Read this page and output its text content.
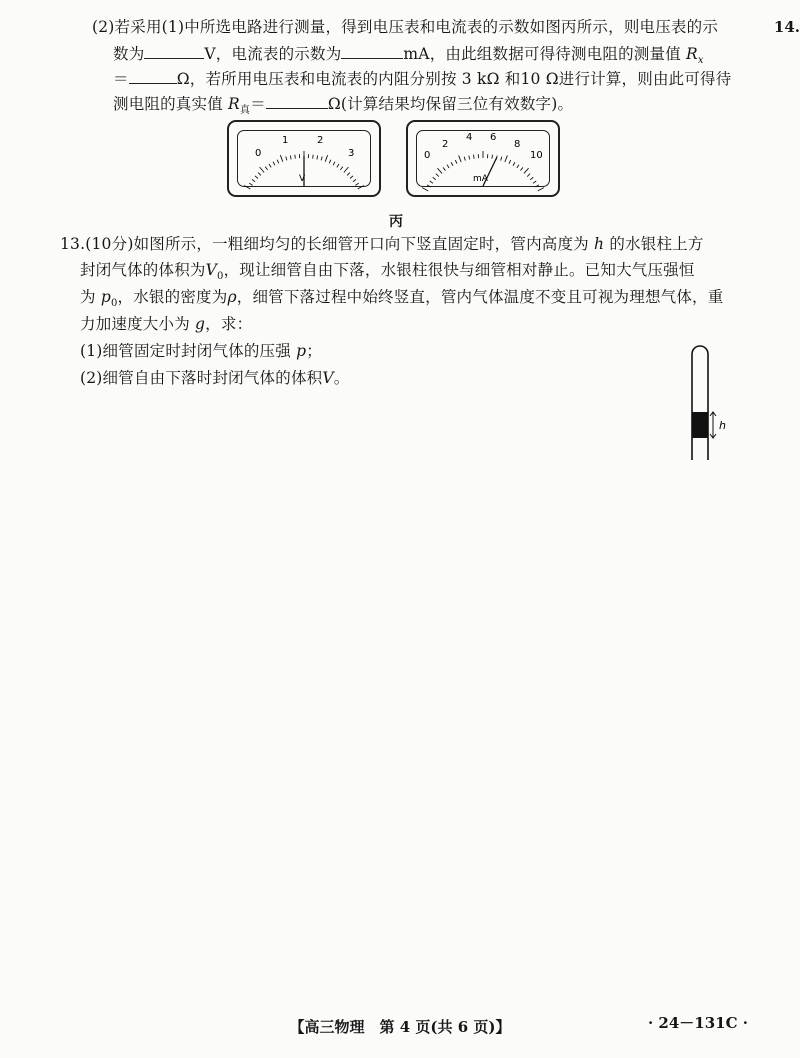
14.
(2)若采用(1)中所选电路进行测量，得到电压表和电流表的示数如图丙所示，则电压表的示
数为	V，电流表的示数为	mA，由此组数据可得待测电阻的测量值 $R_x$
＝	Ω，若所用电压表和电流表的内阻分别按 3 kΩ 和10 Ω进行计算，则由此可得待
测电阻的真实值 $R_真=$	Ω(计算结果均保留三位有效数字)。
0
1	2
3
V
0
2
4 6
8
10
mA
丙
13.(10分)如图所示，一粗细均匀的长细管开口向下竖直固定时，管内高度为 h 的水银柱上方
封闭气体的体积为$V_0$，现让细管自由下落，水银柱很快与细管相对静止。已知大气压强恒
为 $p_0$，水银的密度为ρ，细管下落过程中始终竖直，管内气体温度不变且可视为理想气体，重
力加速度大小为 g，求：
(1)细管固定时封闭气体的压强 p；
(2)细管自由下落时封闭气体的体积V。
h
【高三物理　第 4 页(共 6 页)】	· 24－131C ·
